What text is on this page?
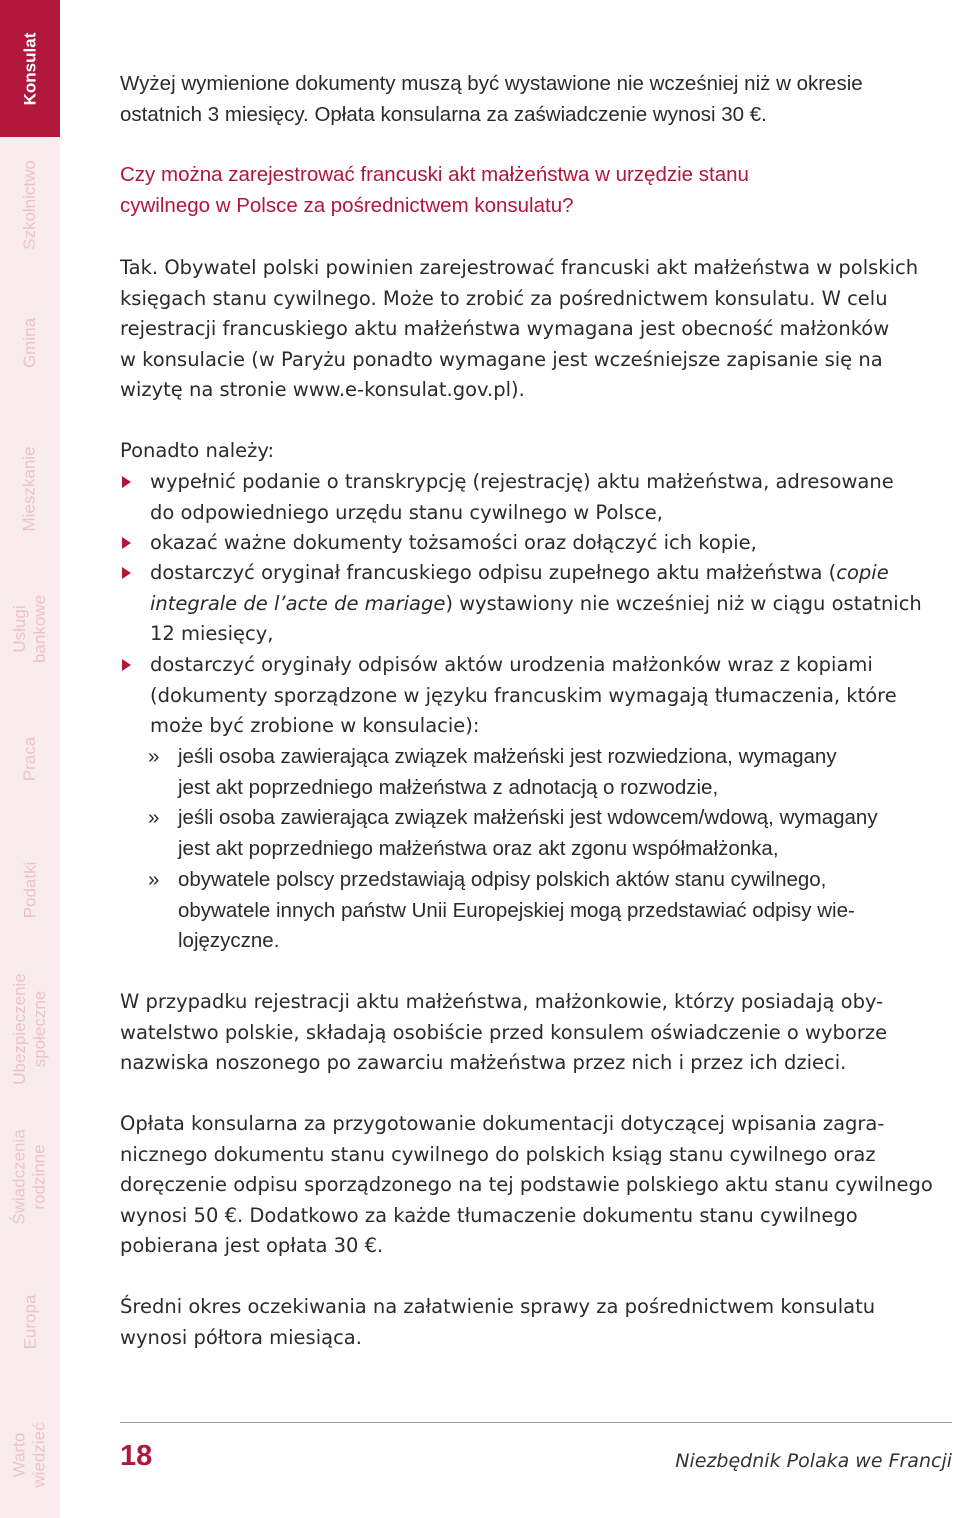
Konsulat
Szkolnictwo
Gmina
Mieszkanie
Usługi bankowe
Praca
Podatki
Ubezpieczenie społeczne
Świadczenia rodzinne
Europa
Warto wiedzieć
Wyżej wymienione dokumenty muszą być wystawione nie wcześniej niż w okresie
ostatnich 3 miesięcy. Opłata konsularna za zaświadczenie wynosi 30 €.
Czy można zarejestrować francuski akt małżeństwa w urzędzie stanu
cywilnego w Polsce za pośrednictwem konsulatu?
Tak. Obywatel polski powinien zarejestrować francuski akt małżeństwa w polskich
księgach stanu cywilnego. Może to zrobić za pośrednictwem konsulatu. W celu
rejestracji francuskiego aktu małżeństwa wymagana jest obecność małżonków
w konsulacie (w Paryżu ponadto wymagane jest wcześniejsze zapisanie się na
wizytę na stronie www.e-konsulat.gov.pl).
Ponadto należy:
wypełnić podanie o transkrypcję (rejestrację) aktu małżeństwa, adresowane
do odpowiedniego urzędu stanu cywilnego w Polsce,
okazać ważne dokumenty tożsamości oraz dołączyć ich kopie,
dostarczyć oryginał francuskiego odpisu zupełnego aktu małżeństwa (copie
integrale de l’acte de mariage) wystawiony nie wcześniej niż w ciągu ostatnich
12 miesięcy,
dostarczyć oryginały odpisów aktów urodzenia małżonków wraz z kopiami
(dokumenty sporządzone w języku francuskim wymagają tłumaczenia, które
może być zrobione w konsulacie):
» jeśli osoba zawierająca związek małżeński jest rozwiedziona, wymagany
jest akt poprzedniego małżeństwa z adnotacją o rozwodzie,
» jeśli osoba zawierająca związek małżeński jest wdowcem/wdową, wymagany
jest akt poprzedniego małżeństwa oraz akt zgonu współmałżonka,
» obywatele polscy przedstawiają odpisy polskich aktów stanu cywilnego,
obywatele innych państw Unii Europejskiej mogą przedstawiać odpisy wie-
lojęzyczne.
W przypadku rejestracji aktu małżeństwa, małżonkowie, którzy posiadają oby-
watelstwo polskie, składają osobiście przed konsulem oświadczenie o wyborze
nazwiska noszonego po zawarciu małżeństwa przez nich i przez ich dzieci.
Opłata konsularna za przygotowanie dokumentacji dotyczącej wpisania zagra-
nicznego dokumentu stanu cywilnego do polskich ksiąg stanu cywilnego oraz
doręczenie odpisu sporządzonego na tej podstawie polskiego aktu stanu cywilnego
wynosi 50 €. Dodatkowo za każde tłumaczenie dokumentu stanu cywilnego
pobierana jest opłata 30 €.
Średni okres oczekiwania na załatwienie sprawy za pośrednictwem konsulatu
wynosi półtora miesiąca.
18	Niezbędnik Polaka we Francji
